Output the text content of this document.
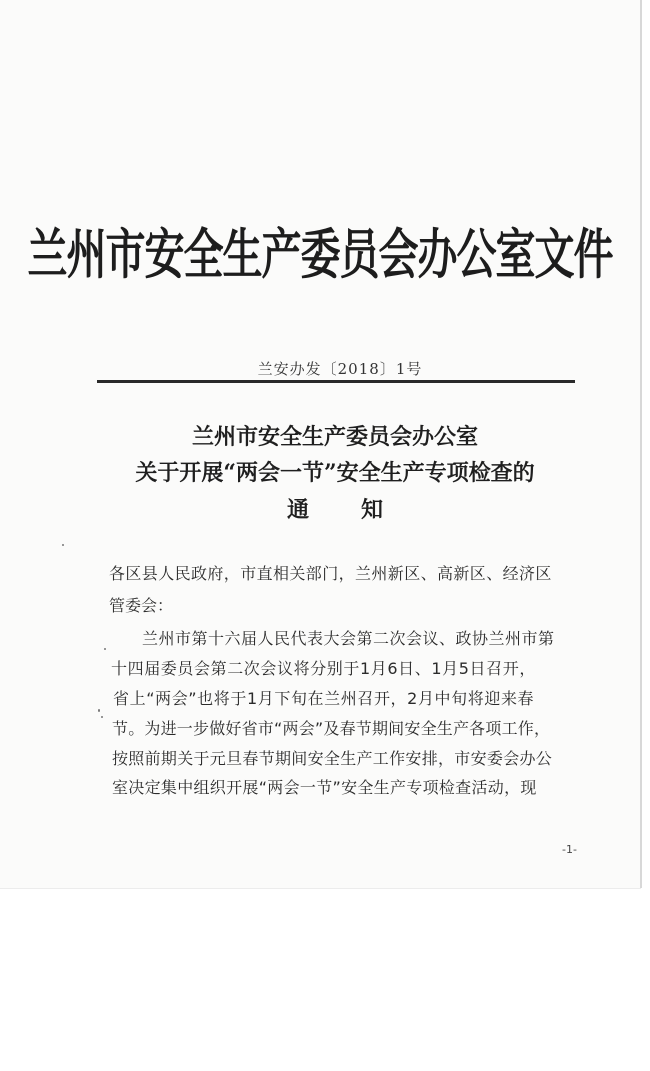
兰州市安全生产委员会办公室文件
兰安办发〔2018〕1号
兰州市安全生产委员会办公室
关于开展“两会一节”安全生产专项检查的
通 知
各区县人民政府，市直相关部门，兰州新区、高新区、经济区
管委会：
兰州市第十六届人民代表大会第二次会议、政协兰州市第
十四届委员会第二次会议将分别于1月6日、1月5日召开，
省上“两会”也将于1月下旬在兰州召开，2月中旬将迎来春
节。为进一步做好省市“两会”及春节期间安全生产各项工作，
按照前期关于元旦春节期间安全生产工作安排，市安委会办公
室决定集中组织开展“两会一节”安全生产专项检查活动，现
-1-
